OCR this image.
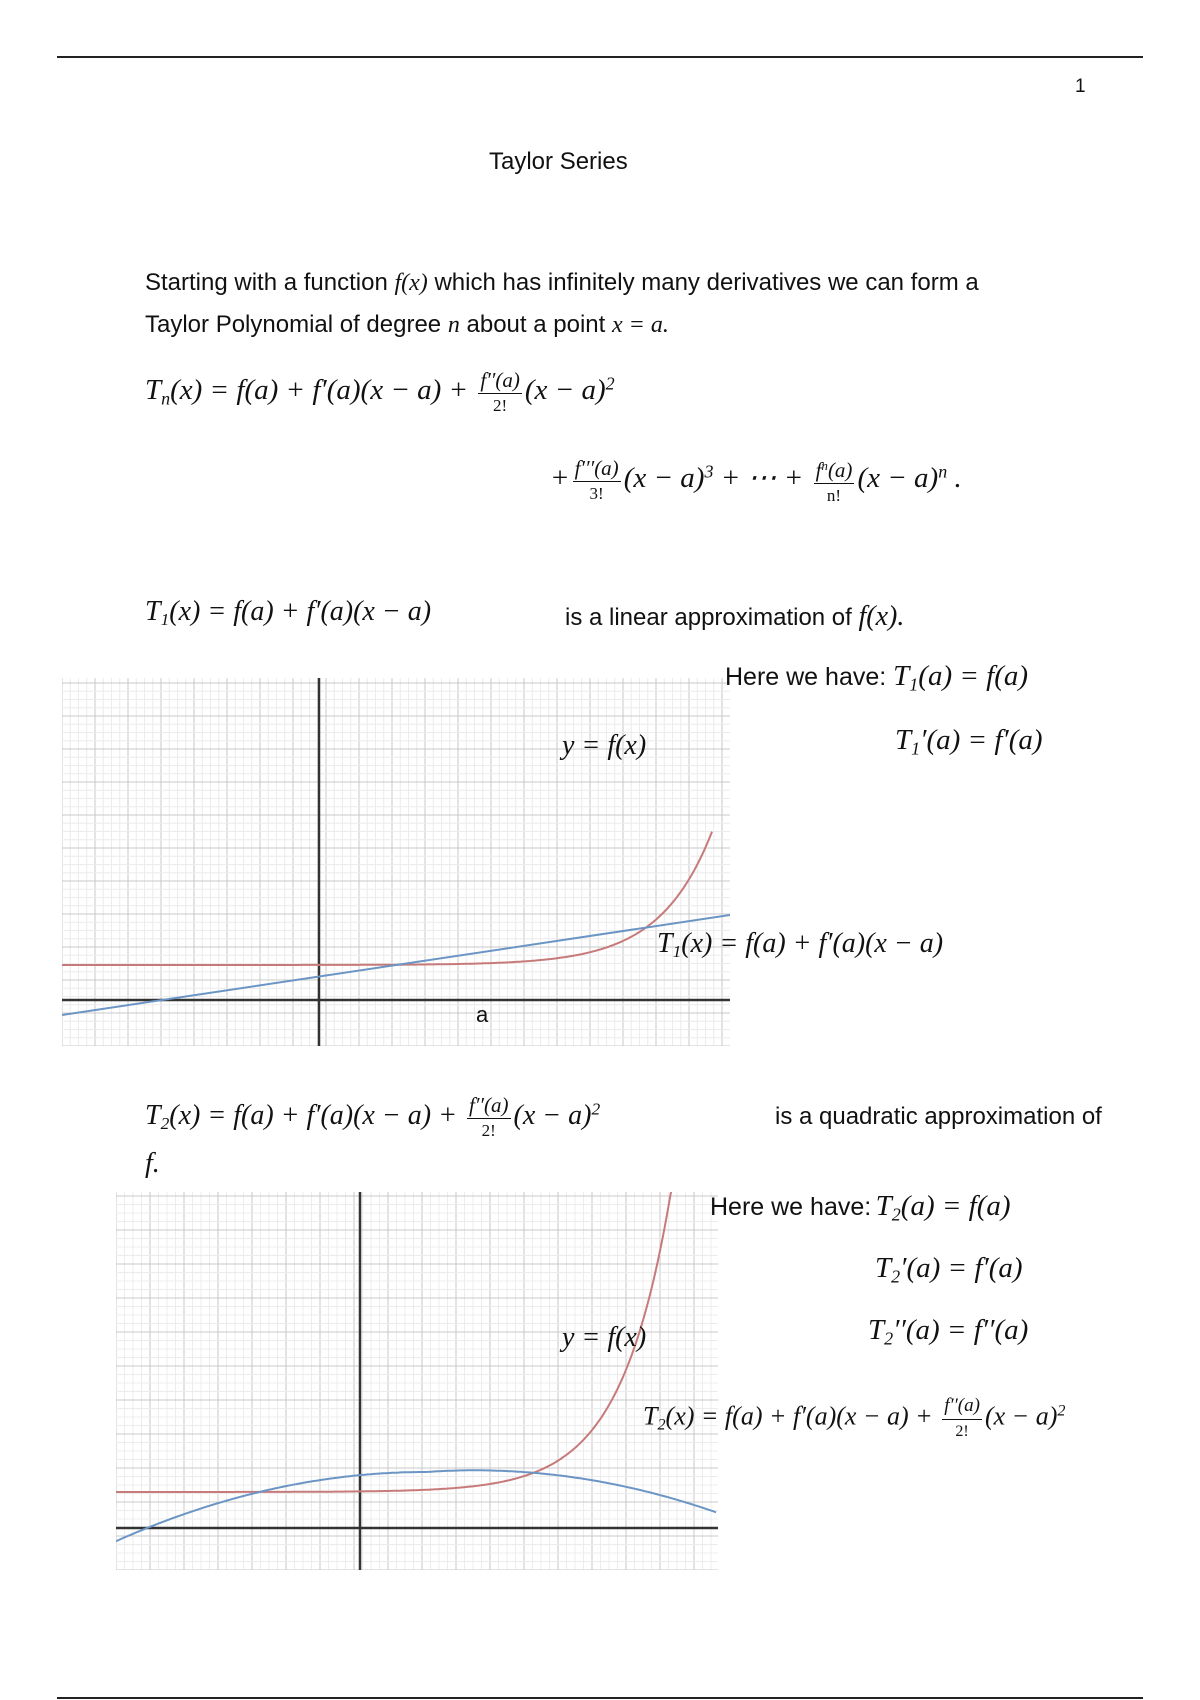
1
Taylor Series
Starting with a function f(x) which has infinitely many derivatives we can form a
Taylor Polynomial of degree n about a point x = a.
$T_n(x) = f(a) + f'(a)(x - a) + \frac{f''(a)}{2!} (x - a)^2$
+ $\frac{f'''(a)}{3!} (x - a)^3$ + ⋯ + $\frac{f^n(a)}{n!} (x - a)^n$ .
$T_1(x) = f(a) + f'(a)(x - a)$	is a linear approximation of f(x).
y = f(x)
a
$T_1(x) = f(a) + f'(a)(x - a)$
Here we have: $T_1(a) = f(a)$
$T_1'(a) = f'(a)$
$T_2(x) = f(a) + f'(a)(x - a) + \frac{f''(a)}{2!} (x - a)^2$	is a quadratic approximation of
f.
y = f(x)
$T_2(x) = f(a) + f'(a)(x - a) + \frac{f''(a)}{2!} (x - a)^2$
Here we have: $T_2(a) = f(a)$
$T_2'(a) = f'(a)$
$T_2''(a) = f''(a)$
